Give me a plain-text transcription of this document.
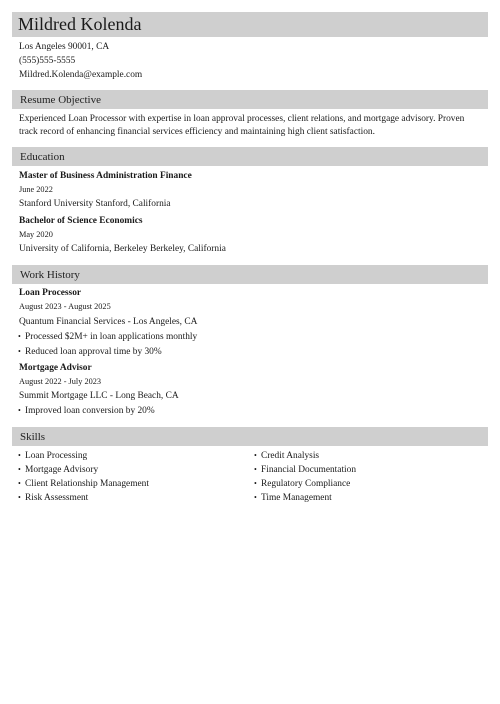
Mildred Kolenda
Los Angeles 90001, CA
(555)555-5555
Mildred.Kolenda@example.com
Resume Objective
Experienced Loan Processor with expertise in loan approval processes, client relations, and mortgage advisory. Proven track record of enhancing financial services efficiency and maintaining high client satisfaction.
Education
Master of Business Administration Finance
June 2022
Stanford University Stanford, California
Bachelor of Science Economics
May 2020
University of California, Berkeley Berkeley, California
Work History
Loan Processor
August 2023 - August 2025
Quantum Financial Services - Los Angeles, CA
• Processed $2M+ in loan applications monthly
• Reduced loan approval time by 30%
Mortgage Advisor
August 2022 - July 2023
Summit Mortgage LLC - Long Beach, CA
• Improved loan conversion by 20%
Skills
• Loan Processing
• Mortgage Advisory
• Client Relationship Management
• Risk Assessment
• Credit Analysis
• Financial Documentation
• Regulatory Compliance
• Time Management
